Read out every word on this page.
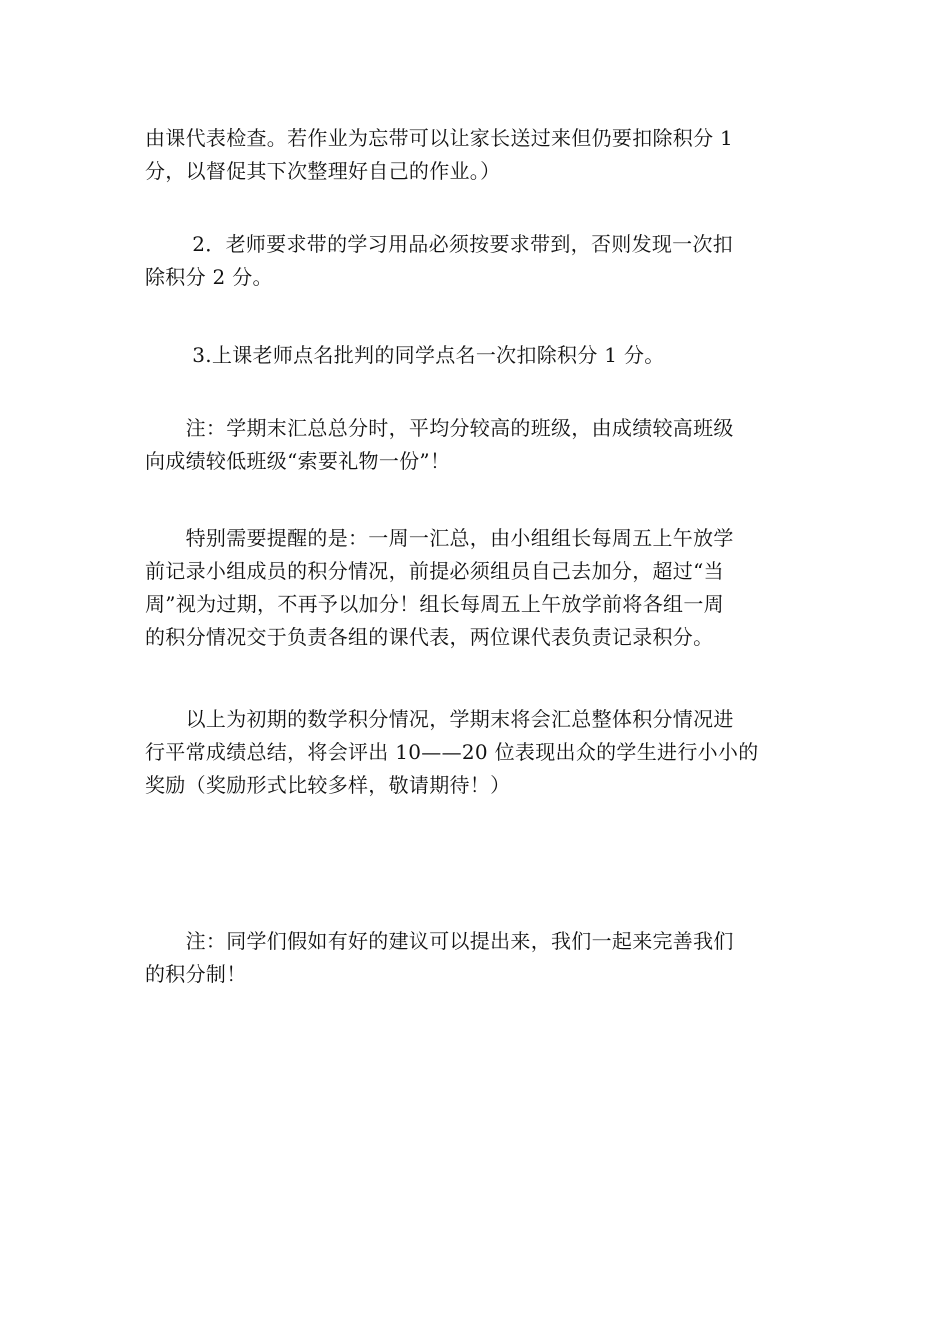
由课代表检查。若作业为忘带可以让家长送过来但仍要扣除积分 1
分，以督促其下次整理好自己的作业。）

　　 2．老师要求带的学习用品必须按要求带到，否则发现一次扣
除积分 2 分。

　　 3.上课老师点名批判的同学点名一次扣除积分 1 分。

　　注：学期末汇总总分时，平均分较高的班级，由成绩较高班级
向成绩较低班级“索要礼物一份”！

　　特别需要提醒的是：一周一汇总，由小组组长每周五上午放学
前记录小组成员的积分情况，前提必须组员自己去加分，超过“当
周”视为过期，不再予以加分！组长每周五上午放学前将各组一周
的积分情况交于负责各组的课代表，两位课代表负责记录积分。

　　以上为初期的数学积分情况，学期末将会汇总整体积分情况进
行平常成绩总结，将会评出 10——20 位表现出众的学生进行小小的
奖励（奖励形式比较多样，敬请期待！）

　　注：同学们假如有好的建议可以提出来，我们一起来完善我们
的积分制！
